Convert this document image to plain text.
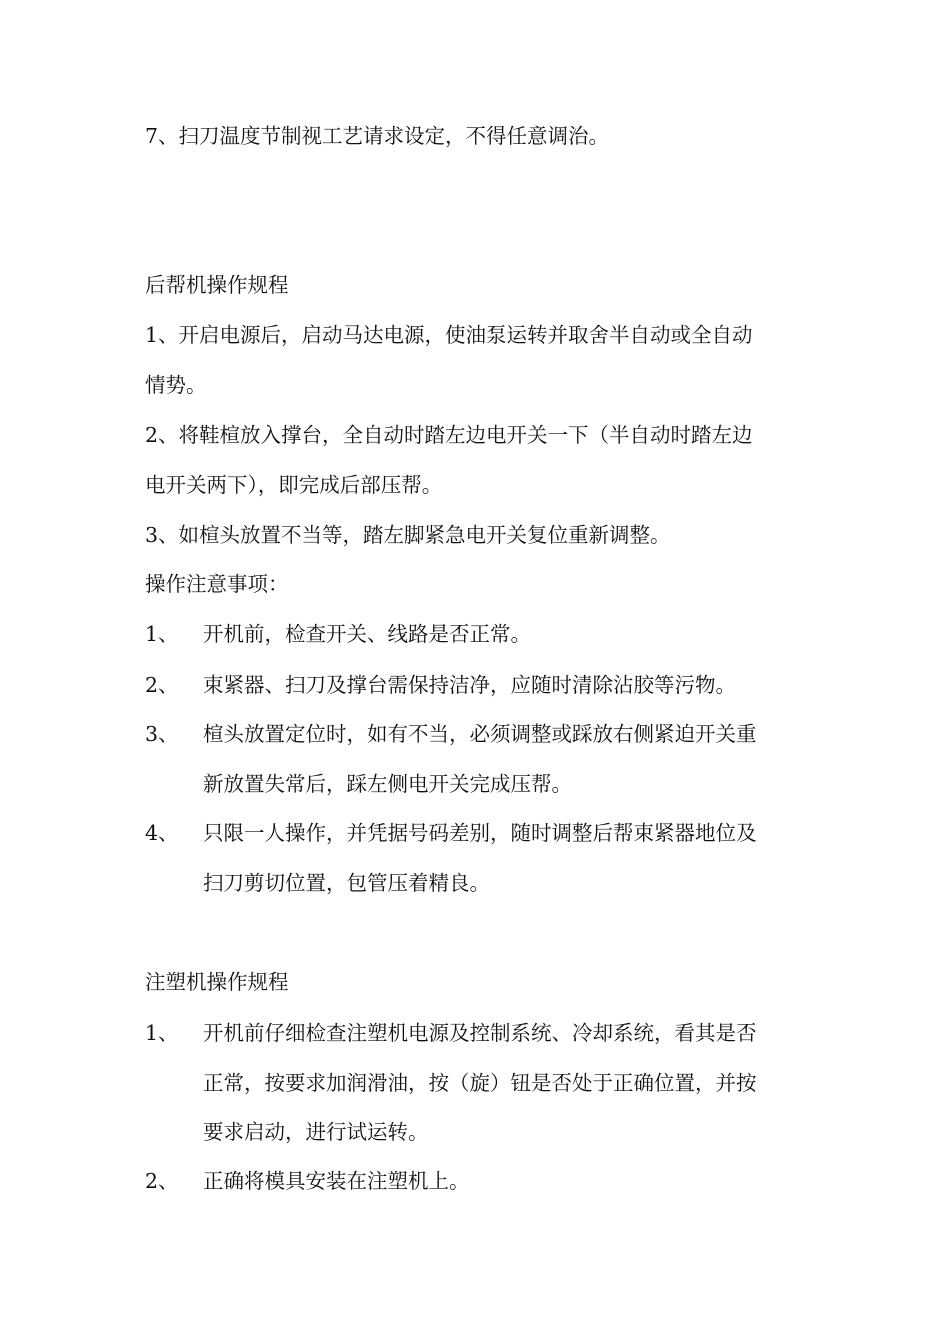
7、扫刀温度节制视工艺请求设定，不得任意调治。
后帮机操作规程
1、开启电源后，启动马达电源，使油泵运转并取舍半自动或全自动
情势。
2、将鞋楦放入撑台，全自动时踏左边电开关一下（半自动时踏左边
电开关两下），即完成后部压帮。
3、如楦头放置不当等，踏左脚紧急电开关复位重新调整。
操作注意事项：
1、 开机前，检查开关、线路是否正常。
2、 束紧器、扫刀及撑台需保持洁净，应随时清除沾胶等污物。
3、 楦头放置定位时，如有不当，必须调整或踩放右侧紧迫开关重
新放置失常后，踩左侧电开关完成压帮。
4、 只限一人操作，并凭据号码差别，随时调整后帮束紧器地位及
扫刀剪切位置，包管压着精良。
注塑机操作规程
1、 开机前仔细检查注塑机电源及控制系统、冷却系统，看其是否
正常，按要求加润滑油，按（旋）钮是否处于正确位置，并按
要求启动，进行试运转。
2、 正确将模具安装在注塑机上。
